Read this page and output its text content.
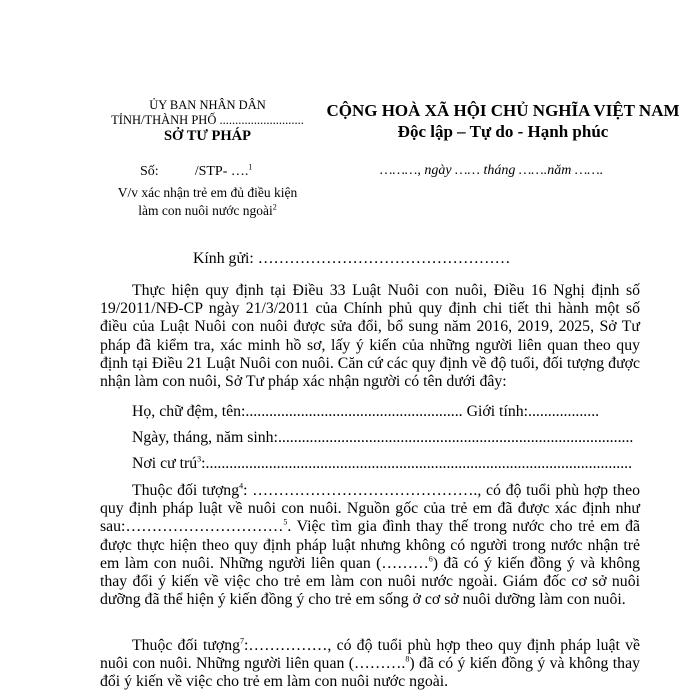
ỦY BAN NHÂN DÂN
TỈNH/THÀNH PHỐ ...........................
SỞ TƯ PHÁP
Số:	/STP- ….$^1$
V/v xác nhận trẻ em đủ điều kiện
làm con nuôi nước ngoài$^2$
CỘNG HOÀ XÃ HỘI CHỦ NGHĨA VIỆT NAM
Độc lập – Tự do - Hạnh phúc
………, ngày …… tháng …….năm …….
Kính gửi: …………………………………………
Thực hiện quy định tại Điều 33 Luật Nuôi con nuôi, Điều 16 Nghị định số 19/2011/NĐ-CP ngày 21/3/2011 của Chính phủ quy định chi tiết thi hành một số điều của Luật Nuôi con nuôi được sửa đổi, bổ sung năm 2016, 2019, 2025, Sở Tư pháp đã kiểm tra, xác minh hồ sơ, lấy ý kiến của những người liên quan theo quy định tại Điều 21 Luật Nuôi con nuôi. Căn cứ các quy định về độ tuổi, đối tượng được nhận làm con nuôi, Sở Tư pháp xác nhận người có tên dưới đây:
Họ, chữ đệm, tên:....................................................... Giới tính:..................
Ngày, tháng, năm sinh:..........................................................................................
Nơi cư trú$^3$:............................................................................................................
Thuộc đối tượng$^4$: ……………………………………., có độ tuổi phù hợp theo quy định pháp luật về nuôi con nuôi. Nguồn gốc của trẻ em đã được xác định như sau:…………………………$^5$. Việc tìm gia đình thay thế trong nước cho trẻ em đã được thực hiện theo quy định pháp luật nhưng không có người trong nước nhận trẻ em làm con nuôi. Những người liên quan (………$^6$) đã có ý kiến đồng ý và không thay đổi ý kiến về việc cho trẻ em làm con nuôi nước ngoài. Giám đốc cơ sở nuôi dưỡng đã thể hiện ý kiến đồng ý cho trẻ em sống ở cơ sở nuôi dưỡng làm con nuôi.
Thuộc đối tượng$^7$:……………, có độ tuổi phù hợp theo quy định pháp luật về nuôi con nuôi. Những người liên quan (……….$^8$) đã có ý kiến đồng ý và không thay đổi ý kiến về việc cho trẻ em làm con nuôi nước ngoài.
